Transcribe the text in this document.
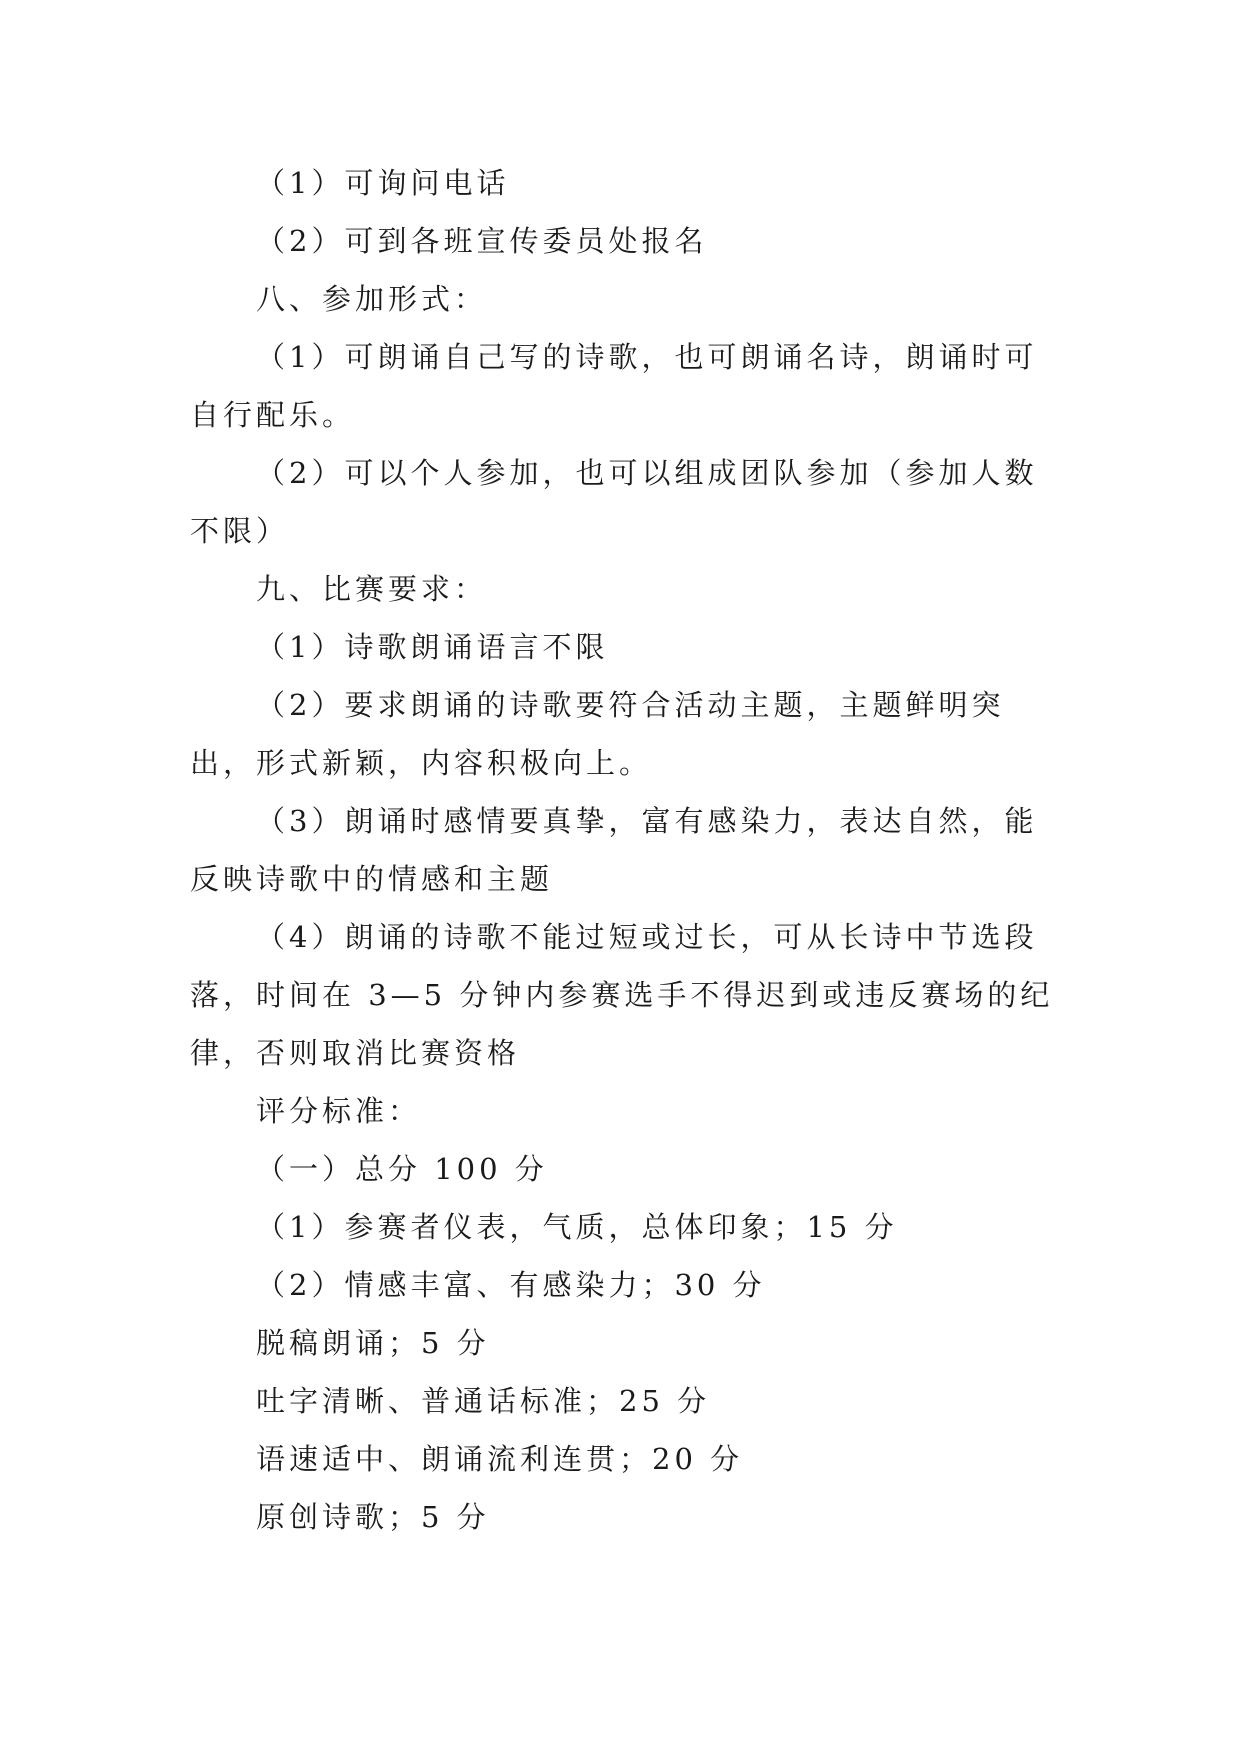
（1）可询问电话

（2）可到各班宣传委员处报名

八、参加形式：

（1）可朗诵自己写的诗歌，也可朗诵名诗，朗诵时可自行配乐。

（2）可以个人参加，也可以组成团队参加（参加人数不限）

九、比赛要求：

（1）诗歌朗诵语言不限

（2）要求朗诵的诗歌要符合活动主题，主题鲜明突出，形式新颖，内容积极向上。

（3）朗诵时感情要真挚，富有感染力，表达自然，能反映诗歌中的情感和主题

（4）朗诵的诗歌不能过短或过长，可从长诗中节选段落，时间在 3—5 分钟内参赛选手不得迟到或违反赛场的纪律，否则取消比赛资格

评分标准：

（一）总分 100 分

（1）参赛者仪表，气质，总体印象；15 分

（2）情感丰富、有感染力；30 分

脱稿朗诵；5 分

吐字清晰、普通话标准；25 分

语速适中、朗诵流利连贯；20 分

原创诗歌；5 分
